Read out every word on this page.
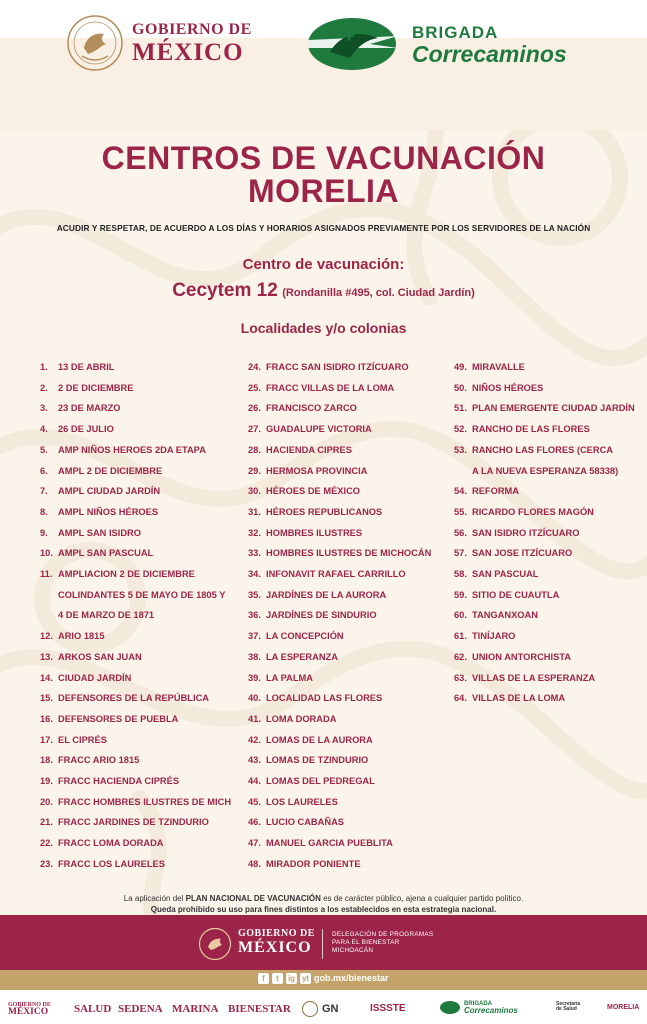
GOBIERNO DE
MÉXICO
BRIGADA
Correcaminos
CENTROS DE VACUNACIÓN
MORELIA
ACUDIR Y RESPETAR, DE ACUERDO A LOS DÍAS Y HORARIOS ASIGNADOS PREVIAMENTE POR LOS SERVIDORES DE LA NACIÓN
Centro de vacunación:
Cecytem 12 (Rondanilla #495, col. Ciudad Jardín)
Localidades y/o colonias
1.	13 DE ABRIL
2.	2 DE DICIEMBRE
3.	23 DE MARZO
4.	26 DE JULIO
5.	AMP NIÑOS HEROES 2DA ETAPA
6.	AMPL 2 DE DICIEMBRE
7.	AMPL CIUDAD JARDÍN
8.	AMPL NIÑOS HÉROES
9.	AMPL SAN ISIDRO
10. AMPL SAN PASCUAL
11. AMPLIACION 2 DE DICIEMBRE
COLINDANTES 5 DE MAYO DE 1805 Y
4 DE MARZO DE 1871
12. ARIO 1815
13. ARKOS SAN JUAN
14. CIUDAD JARDÍN
15. DEFENSORES DE LA REPÚBLICA
16. DEFENSORES DE PUEBLA
17. EL CIPRÉS
18. FRACC ARIO 1815
19. FRACC HACIENDA CIPRÉS
20. FRACC HOMBRES ILUSTRES DE MICH
21. FRACC JARDINES DE TZINDURIO
22. FRACC LOMA DORADA
23. FRACC LOS LAURELES
24. FRACC SAN ISIDRO ITZÍCUARO
25. FRACC VILLAS DE LA LOMA
26. FRANCISCO ZARCO
27. GUADALUPE VICTORIA
28. HACIENDA CIPRES
29. HERMOSA PROVINCIA
30. HÉROES DE MÉXICO
31. HÉROES REPUBLICANOS
32. HOMBRES ILUSTRES
33. HOMBRES ILUSTRES DE MICHOCÁN
34. INFONAVIT RAFAEL CARRILLO
35. JARDÍNES DE LA AURORA
36. JARDÍNES DE SINDURIO
37. LA CONCEPCIÓN
38. LA ESPERANZA
39. LA PALMA
40. LOCALIDAD LAS FLORES
41. LOMA DORADA
42. LOMAS DE LA AURORA
43. LOMAS DE TZINDURIO
44. LOMAS DEL PEDREGAL
45. LOS LAURELES
46. LUCIO CABAÑAS
47. MANUEL GARCIA PUEBLITA
48. MIRADOR PONIENTE
49. MIRAVALLE
50. NIÑOS HÉROES
51. PLAN EMERGENTE CIUDAD JARDÍN
52. RANCHO DE LAS FLORES
53. RANCHO LAS FLORES (CERCA
A LA NUEVA ESPERANZA 58338)
54. REFORMA
55. RICARDO FLORES MAGÓN
56. SAN ISIDRO ITZÍCUARO
57. SAN JOSE ITZÍCUARO
58. SAN PASCUAL
59. SITIO DE CUAUTLA
60. TANGANXOAN
61. TINÍJARO
62. UNION ANTORCHISTA
63. VILLAS DE LA ESPERANZA
64. VILLAS DE LA LOMA
La aplicación del PLAN NACIONAL DE VACUNACIÓN es de carácter público, ajena a cualquier partido político.
Queda prohibido su uso para fines distintos a los establecidos en esta estrategia nacional.
GOBIERNO DE
MÉXICO
DELEGACIÓN DE PROGRAMAS
PARA EL BIENESTAR
MICHOACÁN
f	t	ig yt gob.mx/bienestar
GOBIERNO DE
MÉXICO SALUD SEDENA MARINA BIENESTAR	GN	ISSSTE	BRIGADA
Correcaminos
Secretaría
de Salud	MORELIA
